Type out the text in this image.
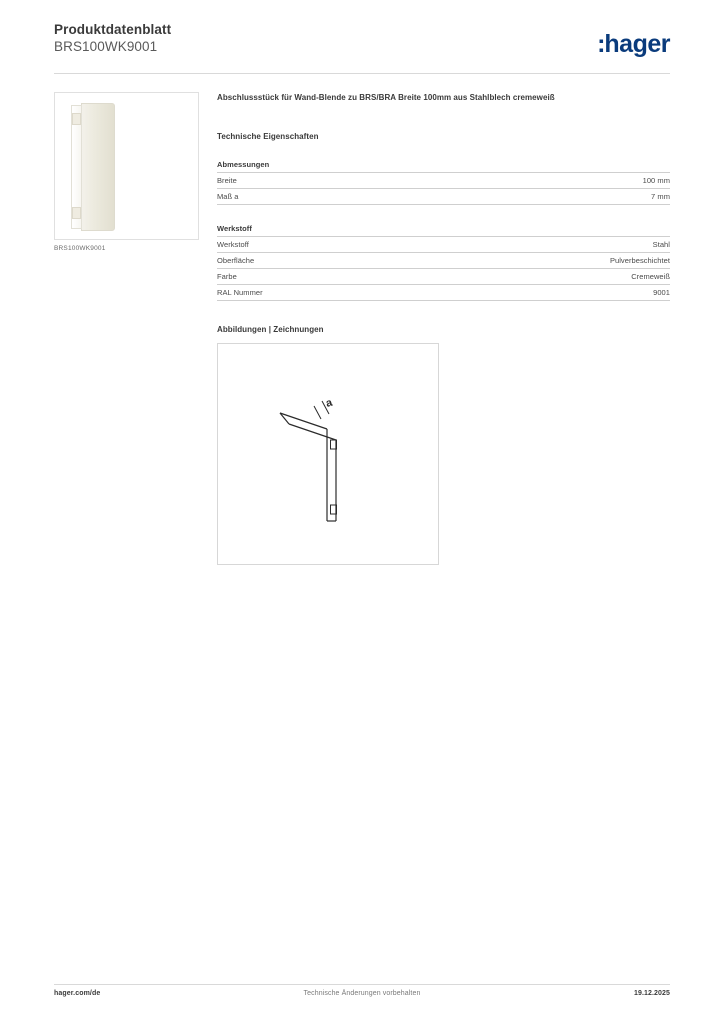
Produktdatenblatt
BRS100WK9001	:hager
BRS100WK9001
Abschlussstück für Wand-Blende zu BRS/BRA Breite 100mm aus Stahlblech cremeweiß
Technische Eigenschaften
Abmessungen
Breite	100 mm
Maß a	7 mm
Werkstoff
Werkstoff	Stahl
Oberfläche	Pulverbeschichtet
Farbe	Cremeweiß
RAL Nummer	9001
Abbildungen | Zeichnungen
a
hager.com/de	Technische Änderungen vorbehalten	19.12.2025
